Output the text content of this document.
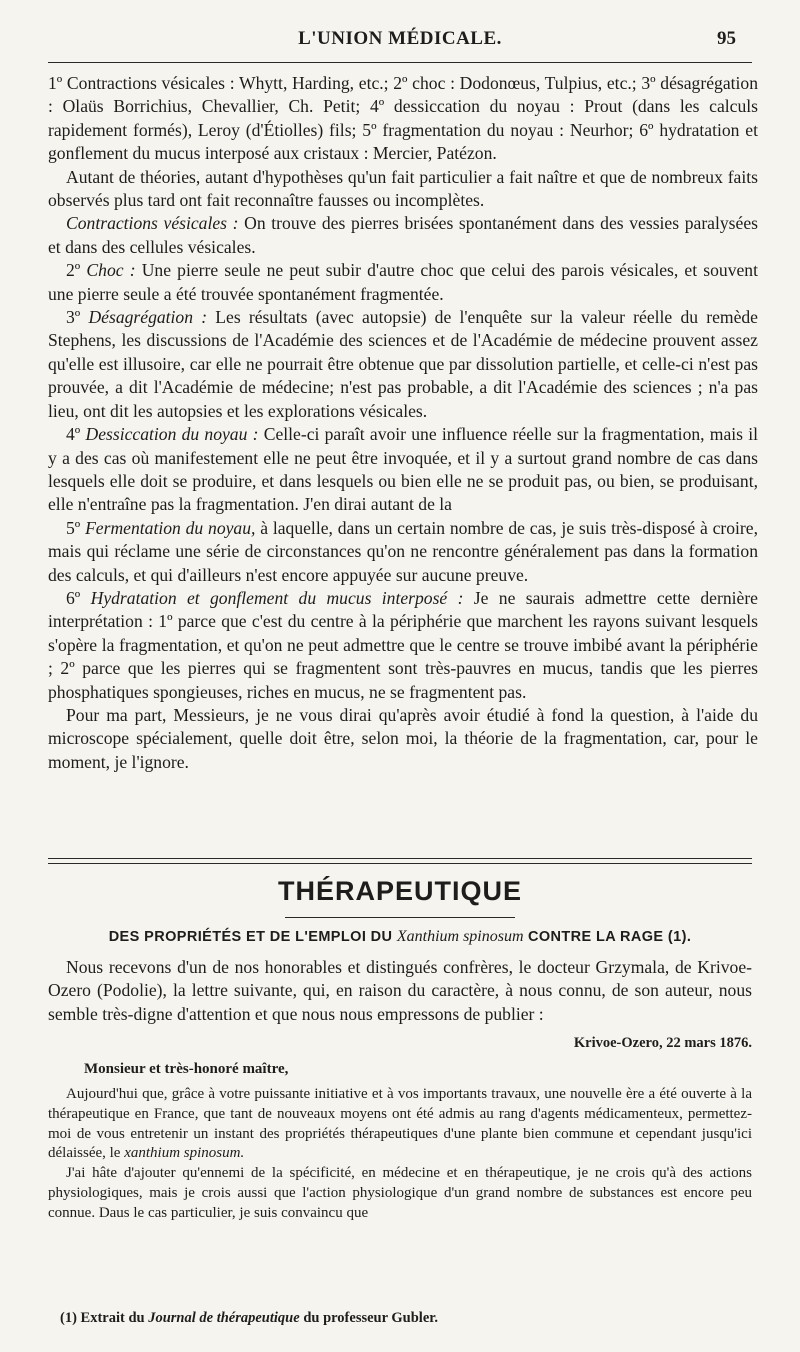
L'UNION MÉDICALE.	95

1º Contractions vésicales : Whytt, Harding, etc.; 2º choc : Dodonœus, Tulpius, etc.; 3º désagrégation : Olaüs Borrichius, Chevallier, Ch. Petit; 4º dessiccation du noyau : Prout (dans les calculs rapidement formés), Leroy (d'Étiolles) fils; 5º fragmentation du noyau : Neurhor; 6º hydratation et gonflement du mucus interposé aux cristaux : Mercier, Patézon.

Autant de théories, autant d'hypothèses qu'un fait particulier a fait naître et que de nombreux faits observés plus tard ont fait reconnaître fausses ou incomplètes.

Contractions vésicales : On trouve des pierres brisées spontanément dans des vessies paralysées et dans des cellules vésicales.

2º Choc : Une pierre seule ne peut subir d'autre choc que celui des parois vésicales, et souvent une pierre seule a été trouvée spontanément fragmentée.

3º Désagrégation : Les résultats (avec autopsie) de l'enquête sur la valeur réelle du remède Stephens, les discussions de l'Académie des sciences et de l'Académie de médecine prouvent assez qu'elle est illusoire, car elle ne pourrait être obtenue que par dissolution partielle, et celle-ci n'est pas prouvée, a dit l'Académie de médecine; n'est pas probable, a dit l'Académie des sciences ; n'a pas lieu, ont dit les autopsies et les explorations vésicales.

4º Dessiccation du noyau : Celle-ci paraît avoir une influence réelle sur la fragmentation, mais il y a des cas où manifestement elle ne peut être invoquée, et il y a surtout grand nombre de cas dans lesquels elle doit se produire, et dans lesquels ou bien elle ne se produit pas, ou bien, se produisant, elle n'entraîne pas la fragmentation. J'en dirai autant de la

5º Fermentation du noyau, à laquelle, dans un certain nombre de cas, je suis très-disposé à croire, mais qui réclame une série de circonstances qu'on ne rencontre généralement pas dans la formation des calculs, et qui d'ailleurs n'est encore appuyée sur aucune preuve.

6º Hydratation et gonflement du mucus interposé : Je ne saurais admettre cette dernière interprétation : 1º parce que c'est du centre à la périphérie que marchent les rayons suivant lesquels s'opère la fragmentation, et qu'on ne peut admettre que le centre se trouve imbibé avant la périphérie ; 2º parce que les pierres qui se fragmentent sont très-pauvres en mucus, tandis que les pierres phosphatiques spongieuses, riches en mucus, ne se fragmentent pas.

Pour ma part, Messieurs, je ne vous dirai qu'après avoir étudié à fond la question, à l'aide du microscope spécialement, quelle doit être, selon moi, la théorie de la fragmentation, car, pour le moment, je l'ignore.

THÉRAPEUTIQUE
DES PROPRIÉTÉS ET DE L'EMPLOI DU Xanthium spinosum CONTRE LA RAGE (1).

Nous recevons d'un de nos honorables et distingués confrères, le docteur Grzymala, de Krivoe-Ozero (Podolie), la lettre suivante, qui, en raison du caractère, à nous connu, de son auteur, nous semble très-digne d'attention et que nous nous empressons de publier :

Krivoe-Ozero, 22 mars 1876.
Monsieur et très-honoré maître,

Aujourd'hui que, grâce à votre puissante initiative et à vos importants travaux, une nouvelle ère a été ouverte à la thérapeutique en France, que tant de nouveaux moyens ont été admis au rang d'agents médicamenteux, permettez-moi de vous entretenir un instant des propriétés thérapeutiques d'une plante bien commune et cependant jusqu'ici délaissée, le xanthium spinosum.

J'ai hâte d'ajouter qu'ennemi de la spécificité, en médecine et en thérapeutique, je ne crois qu'à des actions physiologiques, mais je crois aussi que l'action physiologique d'un grand nombre de substances est encore peu connue. Daus le cas particulier, je suis convaincu que

(1) Extrait du Journal de thérapeutique du professeur Gubler.
